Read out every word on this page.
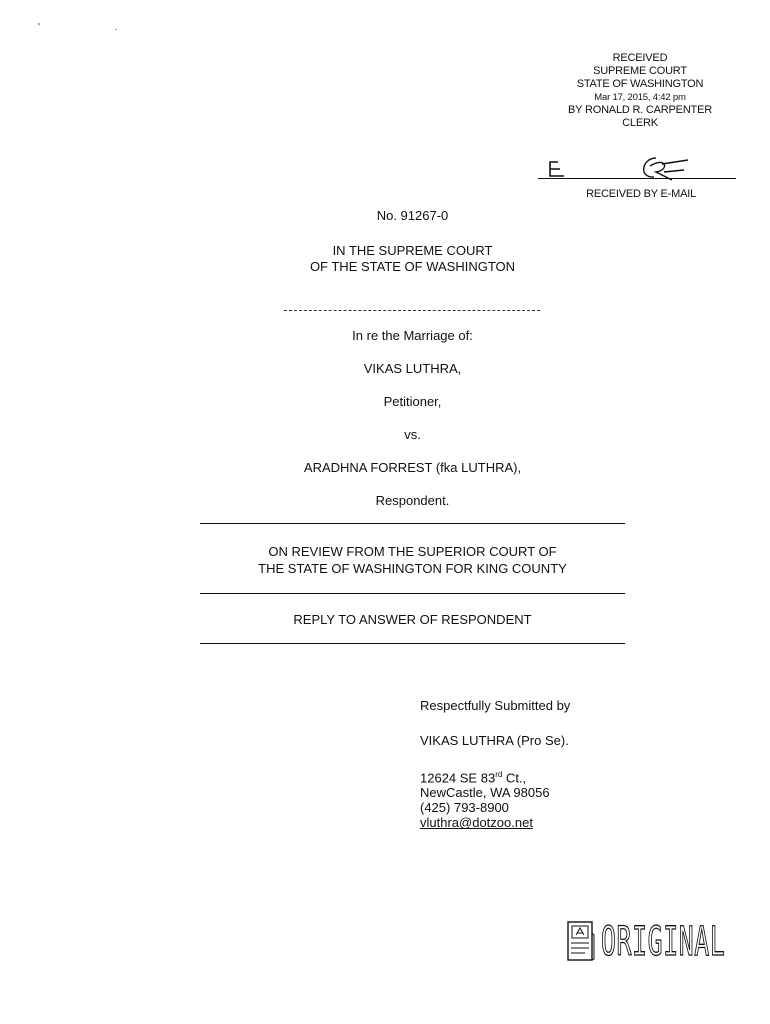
' .
RECEIVED
SUPREME COURT
STATE OF WASHINGTON
Mar 17, 2015, 4:42 pm
BY RONALD R. CARPENTER
CLERK
RECEIVED BY E-MAIL
No. 91267-0
IN THE SUPREME COURT
OF THE STATE OF WASHINGTON
In re the Marriage of:
VIKAS LUTHRA,
Petitioner,
vs.
ARADHNA FORREST (fka LUTHRA),
Respondent.
ON REVIEW FROM THE SUPERIOR COURT OF
THE STATE OF WASHINGTON FOR KING COUNTY
REPLY TO ANSWER OF RESPONDENT
Respectfully Submitted by
VIKAS LUTHRA (Pro Se).
12624 SE 83rd Ct.,
NewCastle, WA 98056
(425) 793-8900
vluthra@dotzoo.net
ORIGINAL
